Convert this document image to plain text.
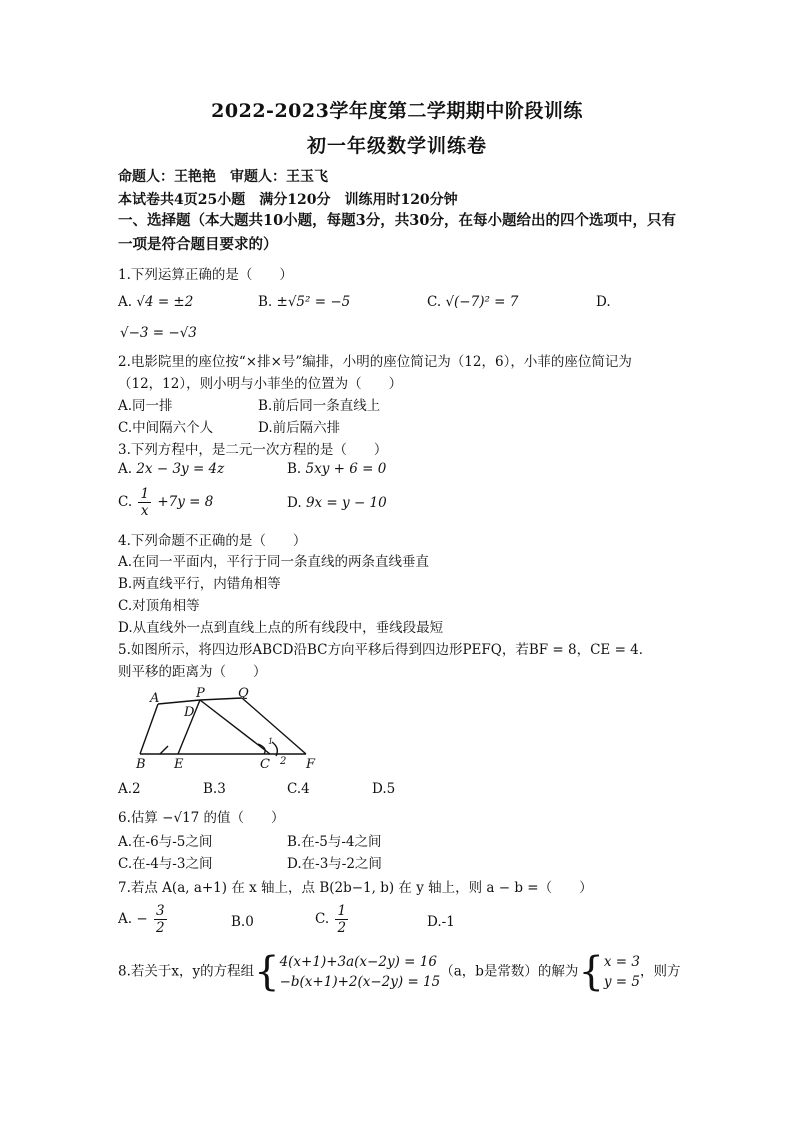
2022-2023学年度第二学期期中阶段训练
初一年级数学训练卷
命题人：王艳艳　审题人：王玉飞
本试卷共4页25小题　满分120分　训练用时120分钟
一、选择题（本大题共10小题，每题3分，共30分，在每小题给出的四个选项中，只有一项是符合题目要求的）
1.下列运算正确的是（　　）
A. √4 = ±2	B. ±√5² = −5	C. √(−7)² = 7	D.
√−3 = −√3
2.电影院里的座位按“×排×号”编排，小明的座位简记为（12，6），小菲的座位简记为
（12，12），则小明与小菲坐的位置为（　　）
A.同一排	B.前后同一条直线上
C.中间隔六个人	D.前后隔六排
3.下列方程中，是二元一次方程的是（　　）
A. 2x − 3y = 4z	B. 5xy + 6 = 0
C. $\frac{1}{x} +7y = 8$	D. 9x = y − 10
4.下列命题不正确的是（　　）
A.在同一平面内，平行于同一条直线的两条直线垂直
B.两直线平行，内错角相等
C.对顶角相等
D.从直线外一点到直线上点的所有线段中，垂线段最短
5.如图所示，将四边形ABCD沿BC方向平移后得到四边形PEFQ，若BF = 8，CE = 4．
则平移的距离为（　　）
A
B	C
D
E	F
P	Q
1
2
A.2	B.3	C.4	D.5
6.估算 −√17 的值（　　）
A.在-6与-5之间	B.在-5与-4之间
C.在-4与-3之间	D.在-3与-2之间
7.若点 A(a, a+1) 在 x 轴上，点 B(2b−1, b) 在 y 轴上，则 a − b =（　　）
A. − $\frac{3}{2}$	B.0	C. $\frac{1}{2}$	D.-1
8.若关于x，y的方程组{ 4(x+1)+3a(x−2y) = 16
−b(x+1)+2(x−2y) = 15
（a，b是常数）的解为{ x = 3
y = 5
，则方
